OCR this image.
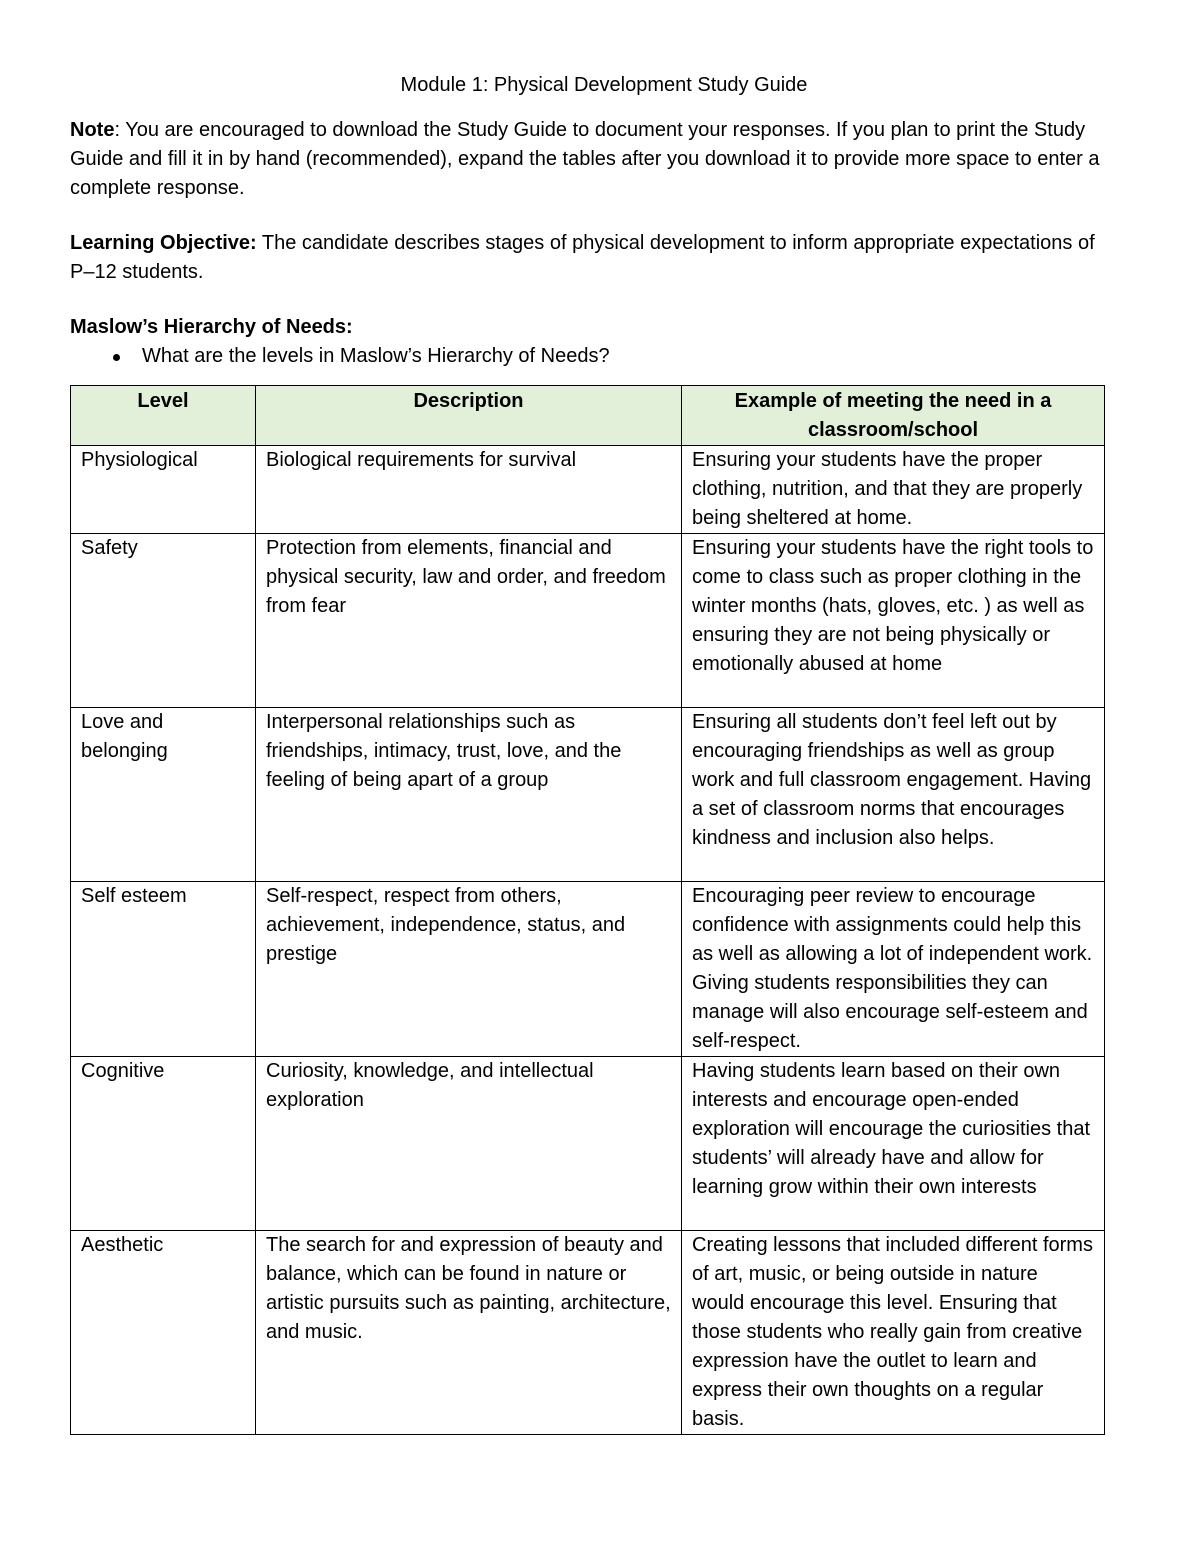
Module 1: Physical Development Study Guide

Note: You are encouraged to download the Study Guide to document your responses. If you plan to print the Study Guide and fill it in by hand (recommended), expand the tables after you download it to provide more space to enter a complete response.

Learning Objective: The candidate describes stages of physical development to inform appropriate expectations of P–12 students.

Maslow’s Hierarchy of Needs:

What are the levels in Maslow’s Hierarchy of Needs?
Level	Description	Example of meeting the need in a classroom/school
Physiological	Biological requirements for survival	Ensuring your students have the proper clothing, nutrition, and that they are properly being sheltered at home.
Safety	Protection from elements, financial and physical security, law and order, and freedom from fear	Ensuring your students have the right tools to come to class such as proper clothing in the winter months (hats, gloves, etc. ) as well as ensuring they are not being physically or emotionally abused at home
Love and belonging	Interpersonal relationships such as friendships, intimacy, trust, love, and the feeling of being apart of a group	Ensuring all students don’t feel left out by encouraging friendships as well as group work and full classroom engagement. Having a set of classroom norms that encourages kindness and inclusion also helps.
Self esteem	Self-respect, respect from others, achievement, independence, status, and prestige	Encouraging peer review to encourage confidence with assignments could help this as well as allowing a lot of independent work. Giving students responsibilities they can manage will also encourage self-esteem and self-respect.
Cognitive	Curiosity, knowledge, and intellectual exploration	Having students learn based on their own interests and encourage open-ended exploration will encourage the curiosities that students’ will already have and allow for learning grow within their own interests
Aesthetic	The search for and expression of beauty and balance, which can be found in nature or artistic pursuits such as painting, architecture, and music.	Creating lessons that included different forms of art, music, or being outside in nature would encourage this level. Ensuring that those students who really gain from creative expression have the outlet to learn and express their own thoughts on a regular basis.
